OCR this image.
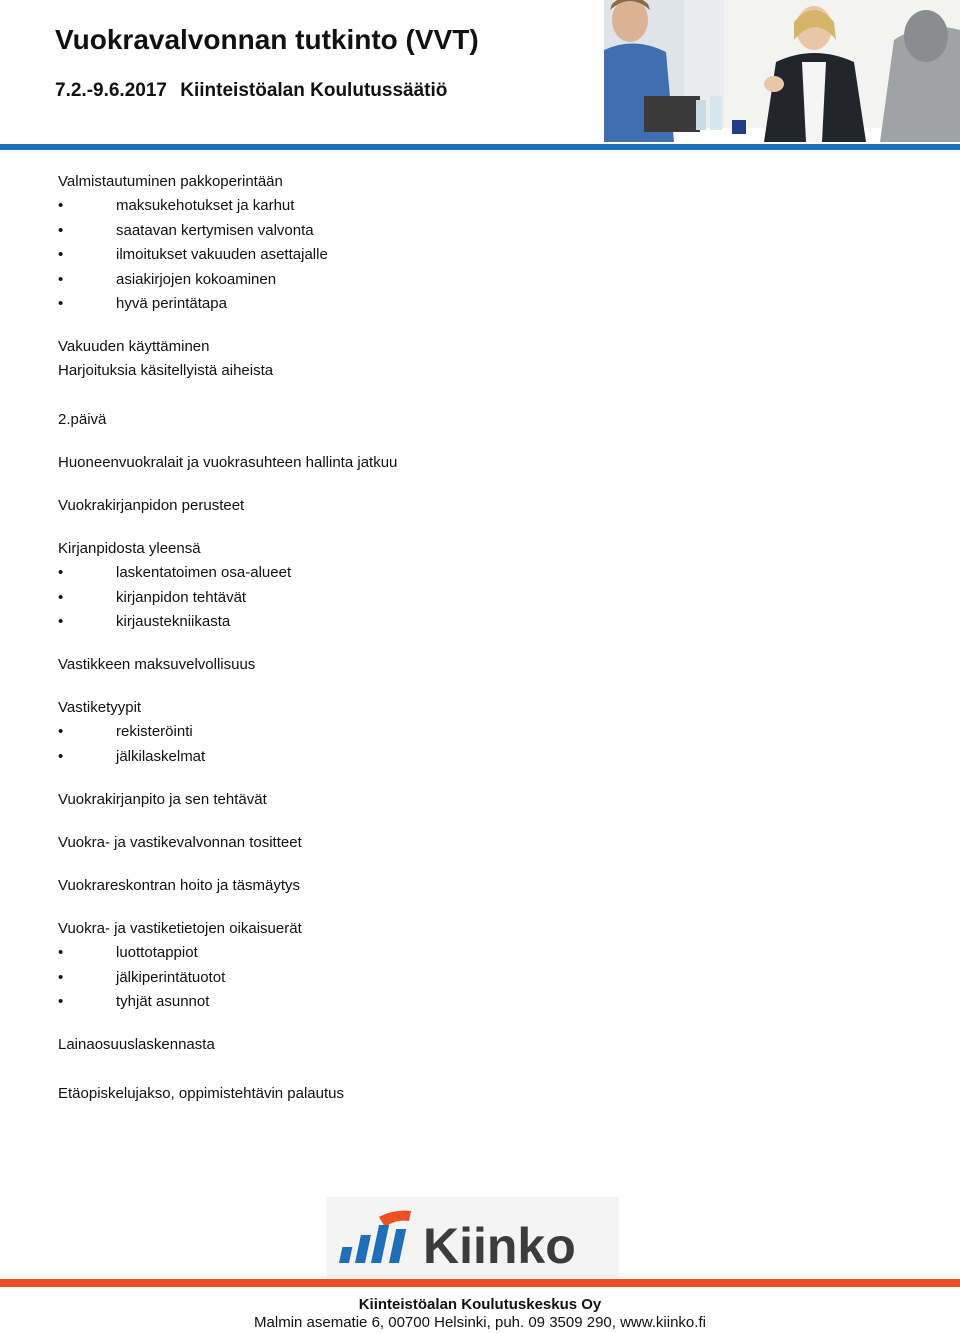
Vuokravalvonnan tutkinto (VVT)
7.2.-9.6.2017 Kiinteistöalan Koulutussäätiö
Valmistautuminen pakkoperintään
•	maksukehotukset ja karhut
•	saatavan kertymisen valvonta
•	ilmoitukset vakuuden asettajalle
•	asiakirjojen kokoaminen
•	hyvä perintätapa
Vakuuden käyttäminen
Harjoituksia käsitellyistä aiheista
2.päivä
Huoneenvuokralait ja vuokrasuhteen hallinta jatkuu
Vuokrakirjanpidon perusteet
Kirjanpidosta yleensä
•	laskentatoimen osa-alueet
•	kirjanpidon tehtävät
•	kirjaustekniikasta
Vastikkeen maksuvelvollisuus
Vastiketyypit
•	rekisteröinti
•	jälkilaskelmat
Vuokrakirjanpito ja sen tehtävät
Vuokra- ja vastikevalvonnan tositteet
Vuokrareskontran hoito ja täsmäytys
Vuokra- ja vastiketietojen oikaisuerät
•	luottotappiot
•	jälkiperintätuotot
•	tyhjät asunnot
Lainaosuuslaskennasta
Etäopiskelujakso, oppimistehtävin palautus
Kiinko
Kiinteistöalan Koulutuskeskus Oy
Malmin asematie 6, 00700 Helsinki, puh. 09 3509 290, www.kiinko.fi
